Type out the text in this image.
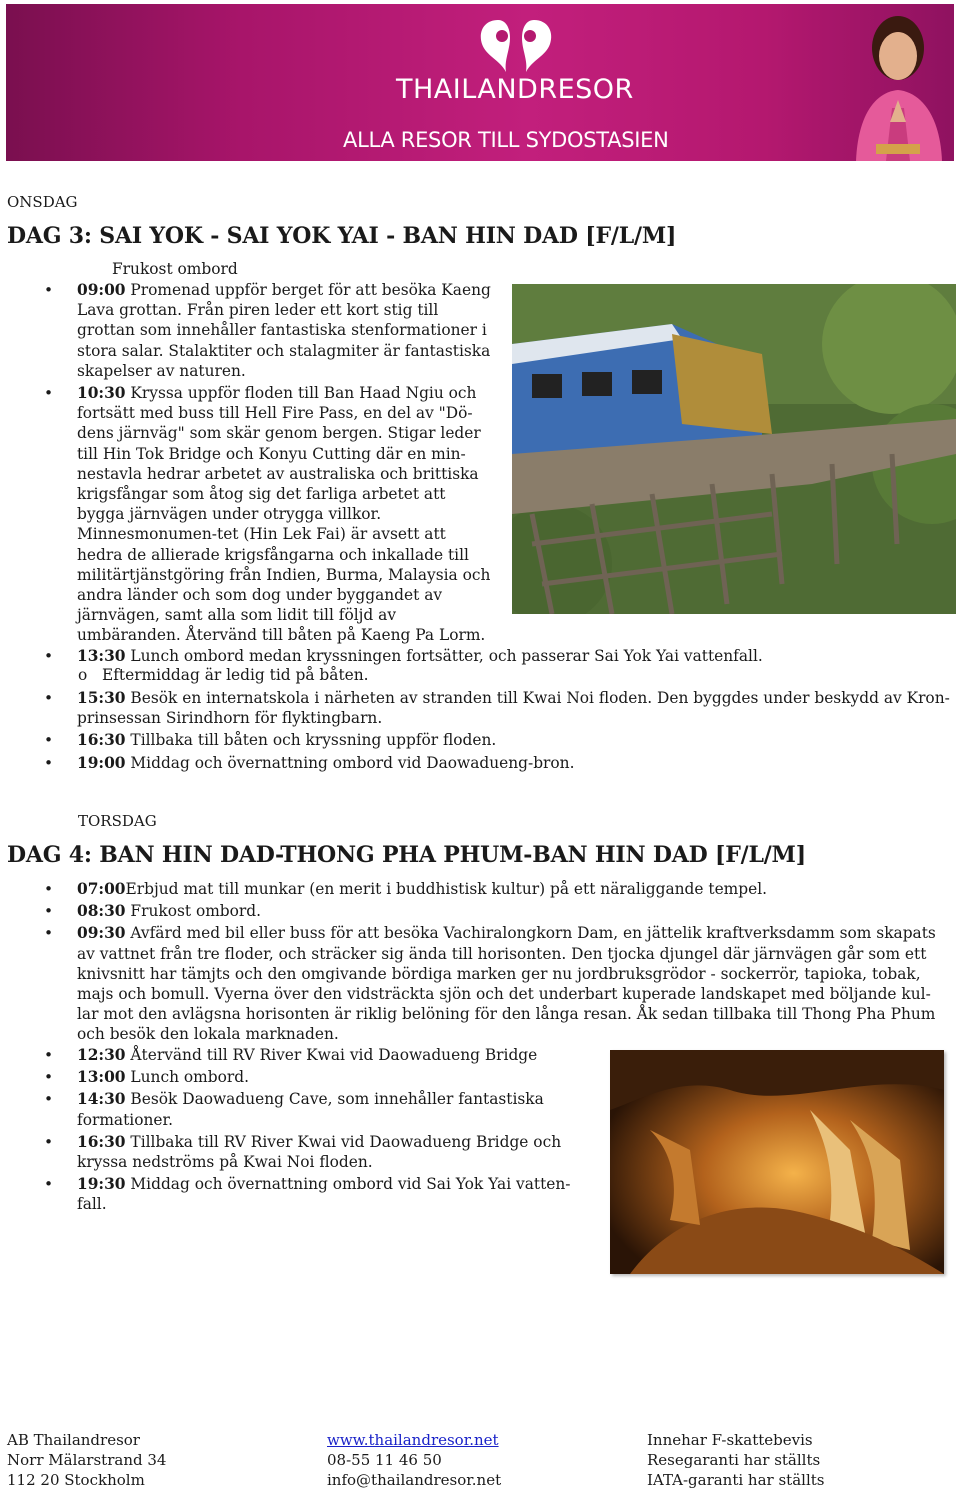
THAILANDRESOR
ALLA RESOR TILL SYDOSTASIEN
ONSDAG
DAG 3: SAI YOK - SAI YOK YAI - BAN HIN DAD [F/L/M]
Frukost ombord
• 09:00 Promenad uppför berget för att besöka Kaeng Lava grottan. Från piren leder ett kort stig till grottan som innehåller fantastiska stenformationer i stora salar. Stalaktiter och stalagmiter är fantastiska skapelser av naturen.
• 10:30 Kryssa uppför floden till Ban Haad Ngiu och fortsätt med buss till Hell Fire Pass, en del av "Dö-dens järnväg" som skär genom bergen. Stigar leder till Hin Tok Bridge och Konyu Cutting där en min-nestavla hedrar arbetet av australiska och brittiska krigsfångar som åtog sig det farliga arbetet att bygga järnvägen under otrygga villkor. Minnesmonumen-tet (Hin Lek Fai) är avsett att hedra de allierade krigsfångarna och inkallade till militärtjänstgöring från Indien, Burma, Malaysia och andra länder och som dog under byggandet av järnvägen, samt alla som lidit till följd av umbäranden. Återvänd till båten på Kaeng Pa Lorm.
• 13:30 Lunch ombord medan kryssningen fortsätter, och passerar Sai Yok Yai vattenfall.
o Eftermiddag är ledig tid på båten.
• 15:30 Besök en internatskola i närheten av stranden till Kwai Noi floden. Den byggdes under beskydd av Kron-prinsessan Sirindhorn för flyktingbarn.
• 16:30 Tillbaka till båten och kryssning uppför floden.
• 19:00 Middag och övernattning ombord vid Daowadueng-bron.
TORSDAG
DAG 4: BAN HIN DAD-THONG PHA PHUM-BAN HIN DAD [F/L/M]
• 07:00Erbjud mat till munkar (en merit i buddhistisk kultur) på ett näraliggande tempel.
• 08:30 Frukost ombord.
• 09:30 Avfärd med bil eller buss för att besöka Vachiralongkorn Dam, en jättelik kraftverksdamm som skapats av vattnet från tre floder, och sträcker sig ända till horisonten. Den tjocka djungel där järnvägen går som ett knivsnitt har tämjts och den omgivande bördiga marken ger nu jordbruksgrödor - sockerrör, tapioka, tobak, majs och bomull. Vyerna över den vidsträckta sjön och det underbart kuperade landskapet med böljande kul-lar mot den avlägsna horisonten är riklig belöning för den långa resan. Åk sedan tillbaka till Thong Pha Phum och besök den lokala marknaden.
• 12:30 Återvänd till RV River Kwai vid Daowadueng Bridge
• 13:00 Lunch ombord.
• 14:30 Besök Daowadueng Cave, som innehåller fantastiska formationer.
• 16:30 Tillbaka till RV River Kwai vid Daowadueng Bridge och kryssa nedströms på Kwai Noi floden.
• 19:30 Middag och övernattning ombord vid Sai Yok Yai vatten-fall.
AB Thailandresor
Norr Mälarstrand 34
112 20 Stockholm
www.thailandresor.net
08-55 11 46 50
info@thailandresor.net
Innehar F-skattebevis
Resegaranti har ställts
IATA-garanti har ställts
